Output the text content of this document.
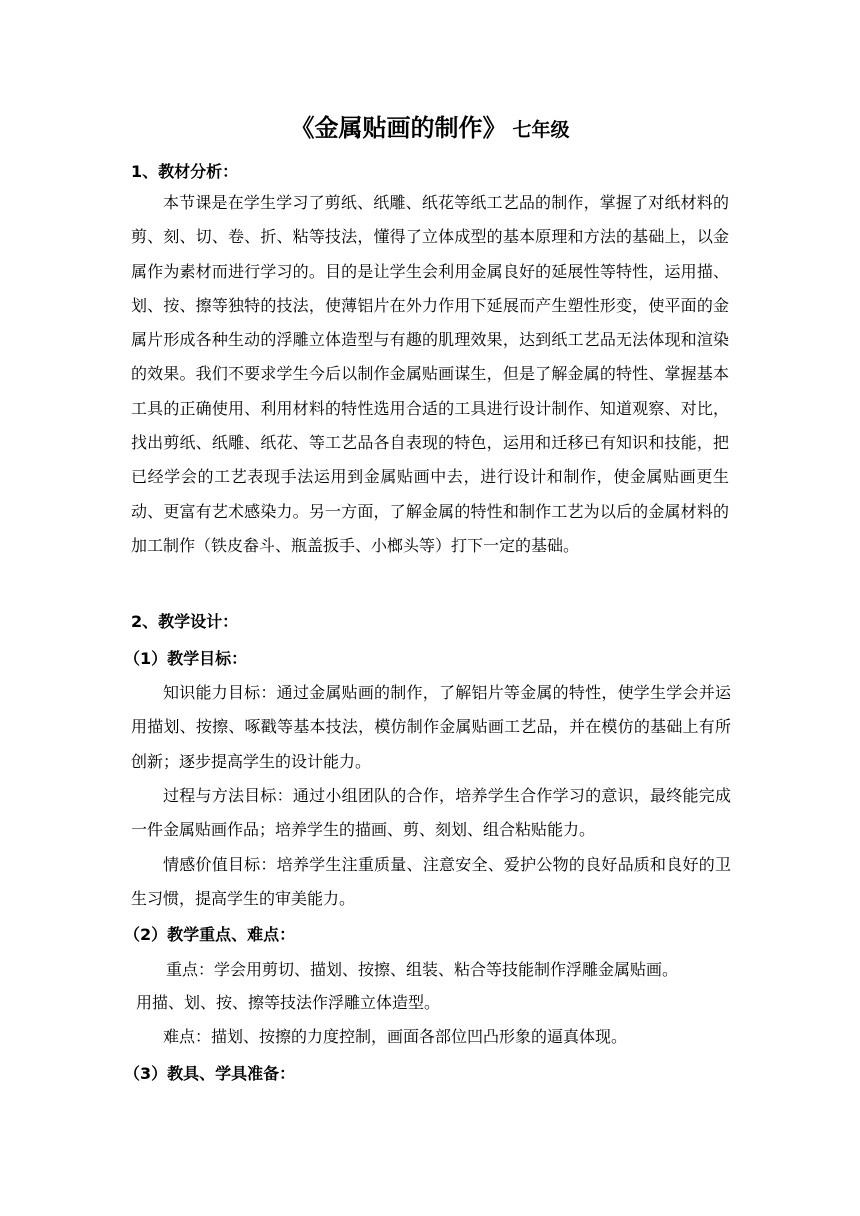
《金属贴画的制作》 七年级
1、教材分析：

本节课是在学生学习了剪纸、纸雕、纸花等纸工艺品的制作，掌握了对纸材料的剪、刻、切、卷、折、粘等技法，懂得了立体成型的基本原理和方法的基础上，以金属作为素材而进行学习的。目的是让学生会利用金属良好的延展性等特性，运用描、划、按、擦等独特的技法，使薄铝片在外力作用下延展而产生塑性形变，使平面的金属片形成各种生动的浮雕立体造型与有趣的肌理效果，达到纸工艺品无法体现和渲染的效果。我们不要求学生今后以制作金属贴画谋生，但是了解金属的特性、掌握基本工具的正确使用、利用材料的特性选用合适的工具进行设计制作、知道观察、对比，找出剪纸、纸雕、纸花、等工艺品各自表现的特色，运用和迁移已有知识和技能，把已经学会的工艺表现手法运用到金属贴画中去，进行设计和制作，使金属贴画更生动、更富有艺术感染力。另一方面，了解金属的特性和制作工艺为以后的金属材料的加工制作（铁皮畚斗、瓶盖扳手、小榔头等）打下一定的基础。

2、教学设计：
（1）教学目标：

知识能力目标：通过金属贴画的制作，了解铝片等金属的特性，使学生学会并运用描划、按擦、啄戳等基本技法，模仿制作金属贴画工艺品，并在模仿的基础上有所创新；逐步提高学生的设计能力。

过程与方法目标：通过小组团队的合作，培养学生合作学习的意识，最终能完成一件金属贴画作品；培养学生的描画、剪、刻划、组合粘贴能力。

情感价值目标：培养学生注重质量、注意安全、爱护公物的良好品质和良好的卫生习惯，提高学生的审美能力。

（2）教学重点、难点：
重点：学会用剪切、描划、按擦、组装、粘合等技能制作浮雕金属贴画。
用描、划、按、擦等技法作浮雕立体造型。
难点：描划、按擦的力度控制，画面各部位凹凸形象的逼真体现。
（3）教具、学具准备：
